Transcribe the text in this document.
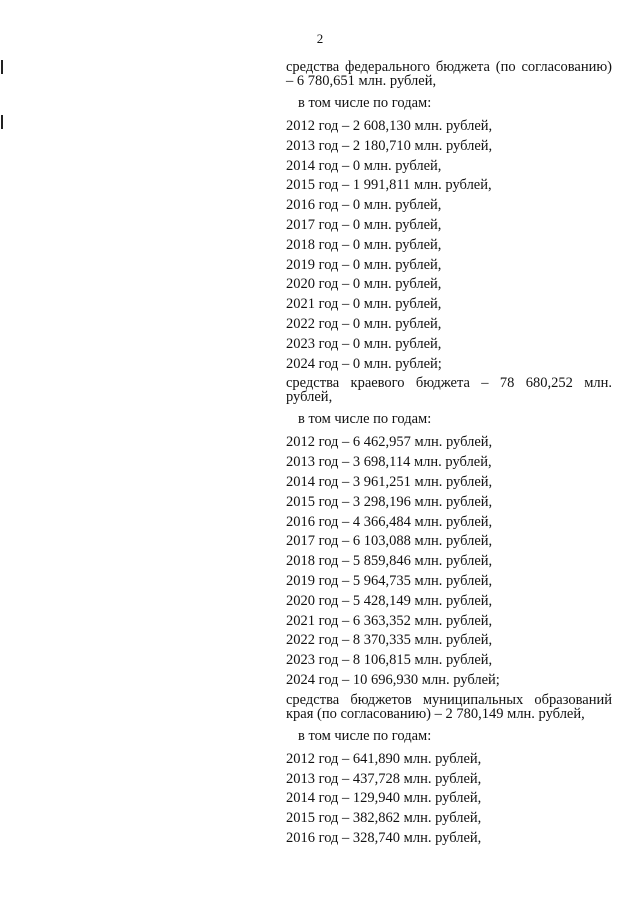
2

средства федерального бюджета (по согласованию) – 6 780,651 млн. рублей,

в том числе по годам:
2012 год – 2 608,130 млн. рублей,
2013 год – 2 180,710 млн. рублей,
2014 год – 0 млн. рублей,
2015 год – 1 991,811 млн. рублей,
2016 год – 0 млн. рублей,
2017 год – 0 млн. рублей,
2018 год – 0 млн. рублей,
2019 год – 0 млн. рублей,
2020 год – 0 млн. рублей,
2021 год – 0 млн. рублей,
2022 год – 0 млн. рублей,
2023 год – 0 млн. рублей,
2024 год – 0 млн. рублей;

средства краевого бюджета – 78 680,252 млн. рублей,

в том числе по годам:
2012 год – 6 462,957 млн. рублей,
2013 год – 3 698,114 млн. рублей,
2014 год – 3 961,251 млн. рублей,
2015 год – 3 298,196 млн. рублей,
2016 год – 4 366,484 млн. рублей,
2017 год – 6 103,088 млн. рублей,
2018 год – 5 859,846 млн. рублей,
2019 год – 5 964,735 млн. рублей,
2020 год – 5 428,149 млн. рублей,
2021 год – 6 363,352 млн. рублей,
2022 год – 8 370,335 млн. рублей,
2023 год – 8 106,815 млн. рублей,
2024 год – 10 696,930 млн. рублей;

средства бюджетов муниципальных образований края (по согласованию) – 2 780,149 млн. рублей,

в том числе по годам:
2012 год – 641,890 млн. рублей,
2013 год – 437,728 млн. рублей,
2014 год – 129,940 млн. рублей,
2015 год – 382,862 млн. рублей,
2016 год – 328,740 млн. рублей,
